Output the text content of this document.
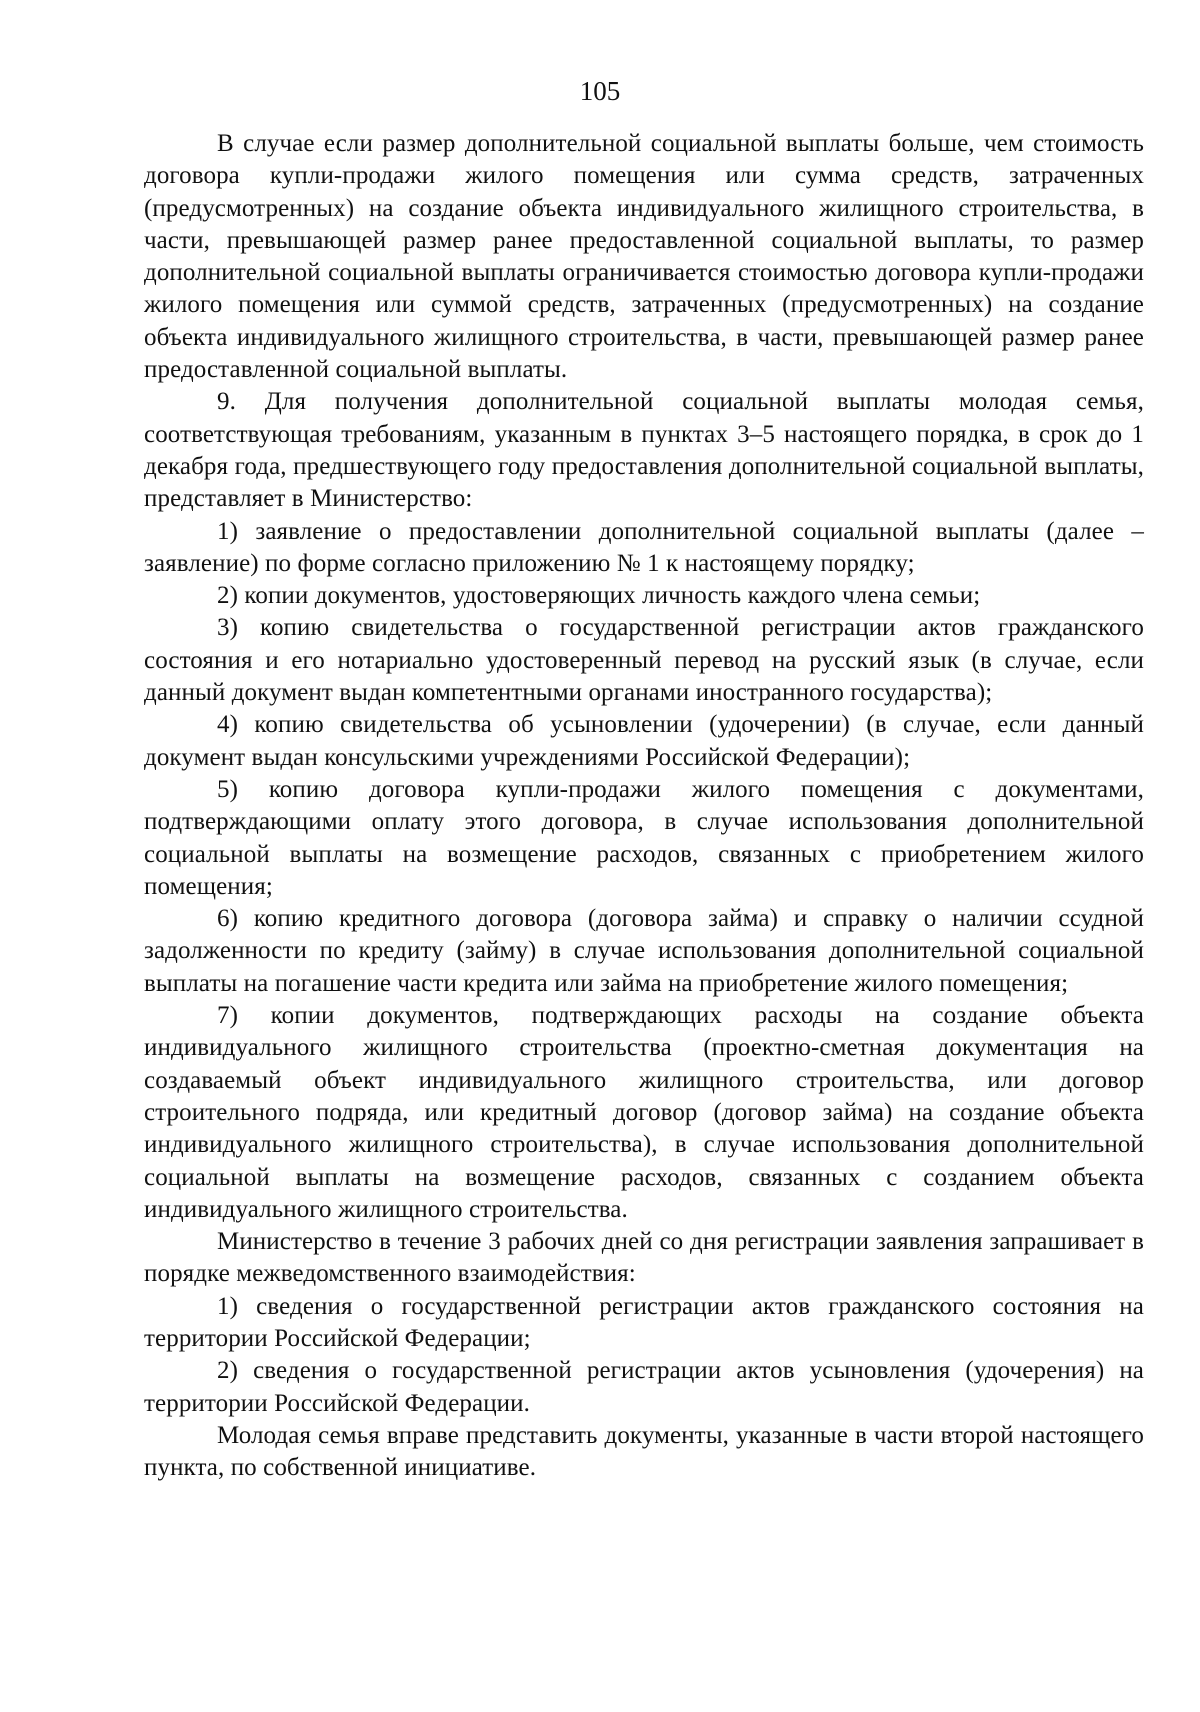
105

В случае если размер дополнительной социальной выплаты больше, чем стоимость договора купли-продажи жилого помещения или сумма средств, затраченных (предусмотренных) на создание объекта индивидуального жилищного строительства, в части, превышающей размер ранее предоставленной социальной выплаты, то размер дополнительной социальной выплаты ограничивается стоимостью договора купли-продажи жилого помещения или суммой средств, затраченных (предусмотренных) на создание объекта индивидуального жилищного строительства, в части, превышающей размер ранее предоставленной социальной выплаты.

9. Для получения дополнительной социальной выплаты молодая семья, соответствующая требованиям, указанным в пунктах 3–5 настоящего порядка, в срок до 1 декабря года, предшествующего году предоставления дополнительной социальной выплаты, представляет в Министерство:

1) заявление о предоставлении дополнительной социальной выплаты (далее – заявление) по форме согласно приложению № 1 к настоящему порядку;

2) копии документов, удостоверяющих личность каждого члена семьи;

3) копию свидетельства о государственной регистрации актов гражданского состояния и его нотариально удостоверенный перевод на русский язык (в случае, если данный документ выдан компетентными органами иностранного государства);

4) копию свидетельства об усыновлении (удочерении) (в случае, если данный документ выдан консульскими учреждениями Российской Федерации);

5) копию договора купли-продажи жилого помещения с документами, подтверждающими оплату этого договора, в случае использования дополнительной социальной выплаты на возмещение расходов, связанных с приобретением жилого помещения;

6) копию кредитного договора (договора займа) и справку о наличии ссудной задолженности по кредиту (займу) в случае использования дополнительной социальной выплаты на погашение части кредита или займа на приобретение жилого помещения;

7) копии документов, подтверждающих расходы на создание объекта индивидуального жилищного строительства (проектно-сметная документация на создаваемый объект индивидуального жилищного строительства, или договор строительного подряда, или кредитный договор (договор займа) на создание объекта индивидуального жилищного строительства), в случае использования дополнительной социальной выплаты на возмещение расходов, связанных с созданием объекта индивидуального жилищного строительства.

Министерство в течение 3 рабочих дней со дня регистрации заявления запрашивает в порядке межведомственного взаимодействия:

1) сведения о государственной регистрации актов гражданского состояния на территории Российской Федерации;

2) сведения о государственной регистрации актов усыновления (удочерения) на территории Российской Федерации.

Молодая семья вправе представить документы, указанные в части второй настоящего пункта, по собственной инициативе.
